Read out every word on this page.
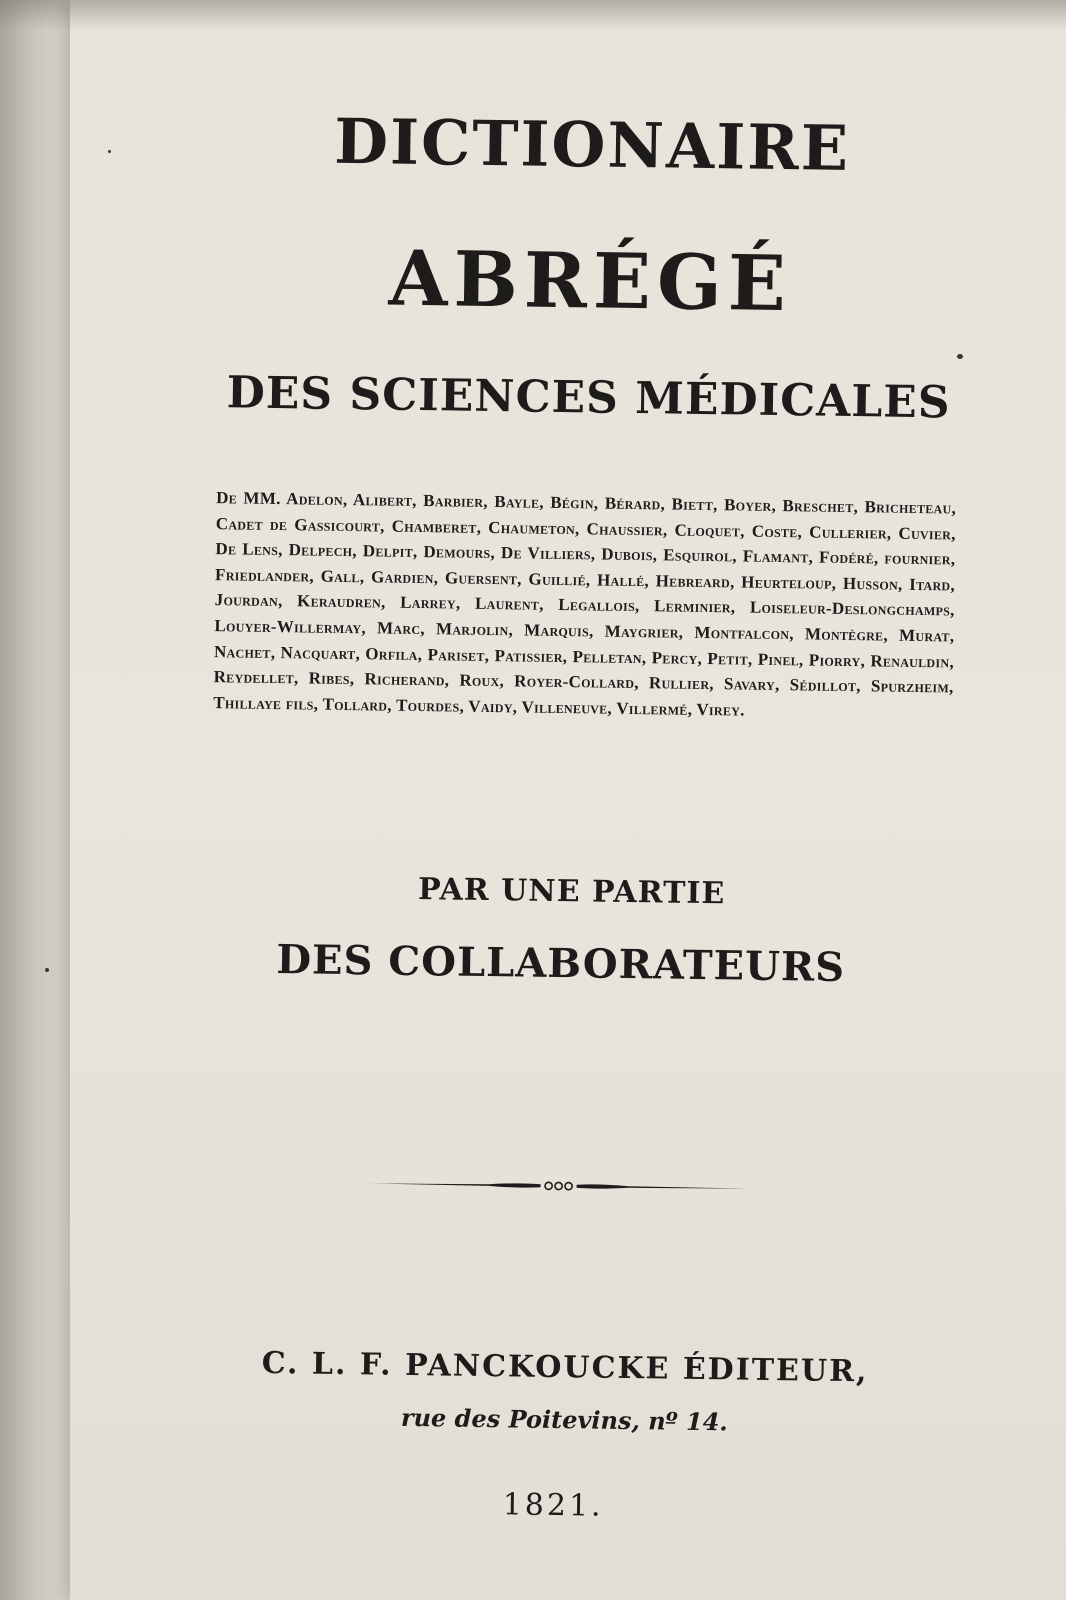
DICTIONAIRE
ABRÉGÉ
DES SCIENCES MÉDICALES
De MM. Adelon, Alibert, Barbier, Bayle, Bégin, Bérard, Biett, Boyer, Breschet, Bricheteau, Cadet de Gassicourt, Chamberet, Chaumeton, Chaussier, Cloquet, Coste, Cullerier, Cuvier, De Lens, Delpech, Delpit, Demours, De Villiers, Dubois, Esquirol, Flamant, Fodéré, fournier, Friedlander, Gall, Gardien, Guersent, Guillié, Hallé, Hebreard, Heurteloup, Husson, Itard, Jourdan, Keraudren, Larrey, Laurent, Legallois, Lerminier, Loiseleur-Deslongchamps, Louyer-Willermay, Marc, Marjolin, Marquis, Maygrier, Montfalcon, Montègre, Murat, Nachet, Nacquart, Orfila, Pariset, Patissier, Pelletan, Percy, Petit, Pinel, Piorry, Renauldin, Reydellet, Ribes, Richerand, Roux, Royer-Collard, Rullier, Savary, Sédillot, Spurzheim, Thillaye fils, Tollard, Tourdes, Vaidy, Villeneuve, Villermé, Virey.
PAR UNE PARTIE
DES COLLABORATEURS
C. L. F. PANCKOUCKE ÉDITEUR,
rue des Poitevins, nº 14.
1821.
